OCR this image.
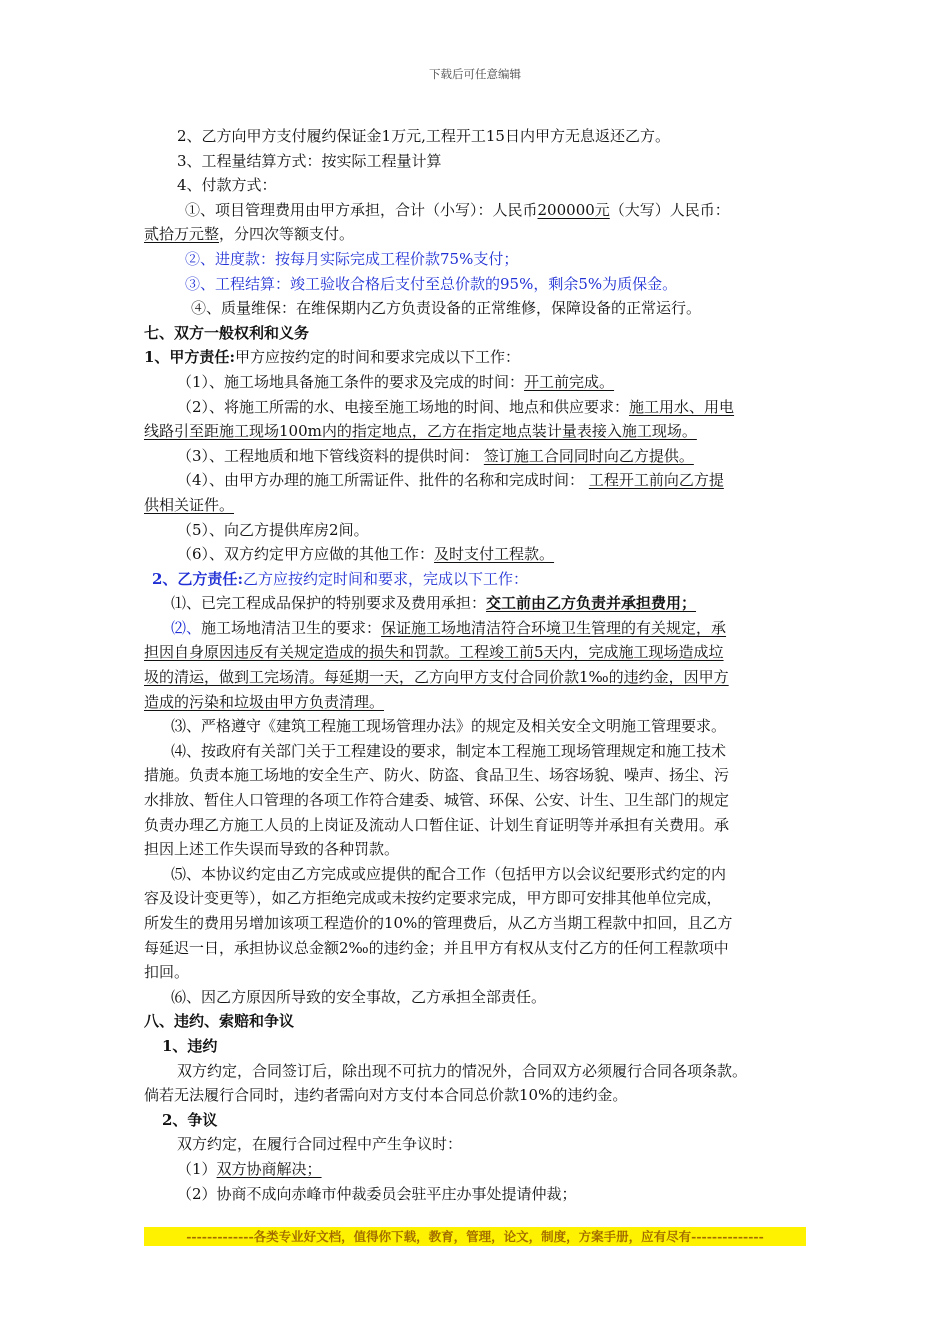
下载后可任意编辑
2、乙方向甲方支付履约保证金1万元,工程开工15日内甲方无息返还乙方。
3、工程量结算方式：按实际工程量计算
4、付款方式：
①、项目管理费用由甲方承担，合计（小写）：人民币200000元（大写）人民币：
贰拾万元整，分四次等额支付。
②、进度款：按每月实际完成工程价款75%支付；
③、工程结算：竣工验收合格后支付至总价款的95%，剩余5%为质保金。
④、质量维保：在维保期内乙方负责设备的正常维修，保障设备的正常运行。
七、双方一般权利和义务
1、甲方责任:甲方应按约定的时间和要求完成以下工作：
（1）、施工场地具备施工条件的要求及完成的时间：开工前完成。
（2）、将施工所需的水、电接至施工场地的时间、地点和供应要求：施工用水、用电
线路引至距施工现场100m内的指定地点，乙方在指定地点装计量表接入施工现场。
（3）、工程地质和地下管线资料的提供时间： 签订施工合同同时向乙方提供。
（4）、由甲方办理的施工所需证件、批件的名称和完成时间： 工程开工前向乙方提
供相关证件。
（5）、向乙方提供库房2间。
（6）、双方约定甲方应做的其他工作：及时支付工程款。
2、乙方责任:乙方应按约定时间和要求，完成以下工作：
⑴、已完工程成品保护的特别要求及费用承担：交工前由乙方负责并承担费用；
⑵、施工场地清洁卫生的要求：保证施工场地清洁符合环境卫生管理的有关规定，承
担因自身原因违反有关规定造成的损失和罚款。工程竣工前5天内，完成施工现场造成垃
圾的清运，做到工完场清。每延期一天，乙方向甲方支付合同价款1‰的违约金，因甲方
造成的污染和垃圾由甲方负责清理。
⑶、严格遵守《建筑工程施工现场管理办法》的规定及相关安全文明施工管理要求。
⑷、按政府有关部门关于工程建设的要求，制定本工程施工现场管理规定和施工技术
措施。负责本施工场地的安全生产、防火、防盗、食品卫生、场容场貌、噪声、扬尘、污
水排放、暂住人口管理的各项工作符合建委、城管、环保、公安、计生、卫生部门的规定
负责办理乙方施工人员的上岗证及流动人口暂住证、计划生育证明等并承担有关费用。承
担因上述工作失误而导致的各种罚款。
⑸、本协议约定由乙方完成或应提供的配合工作（包括甲方以会议纪要形式约定的内
容及设计变更等），如乙方拒绝完成或未按约定要求完成，甲方即可安排其他单位完成，
所发生的费用另增加该项工程造价的10%的管理费后，从乙方当期工程款中扣回，且乙方
每延迟一日，承担协议总金额2‰的违约金；并且甲方有权从支付乙方的任何工程款项中
扣回。
⑹、因乙方原因所导致的安全事故，乙方承担全部责任。
八、违约、索赔和争议
1、违约
双方约定，合同签订后，除出现不可抗力的情况外，合同双方必须履行合同各项条款。
倘若无法履行合同时，违约者需向对方支付本合同总价款10%的违约金。
2、争议
双方约定，在履行合同过程中产生争议时：
（1）双方协商解决；
（2）协商不成向赤峰市仲裁委员会驻平庄办事处提请仲裁；
-------------各类专业好文档，值得你下载，教育，管理，论文，制度，方案手册，应有尽有--------------
